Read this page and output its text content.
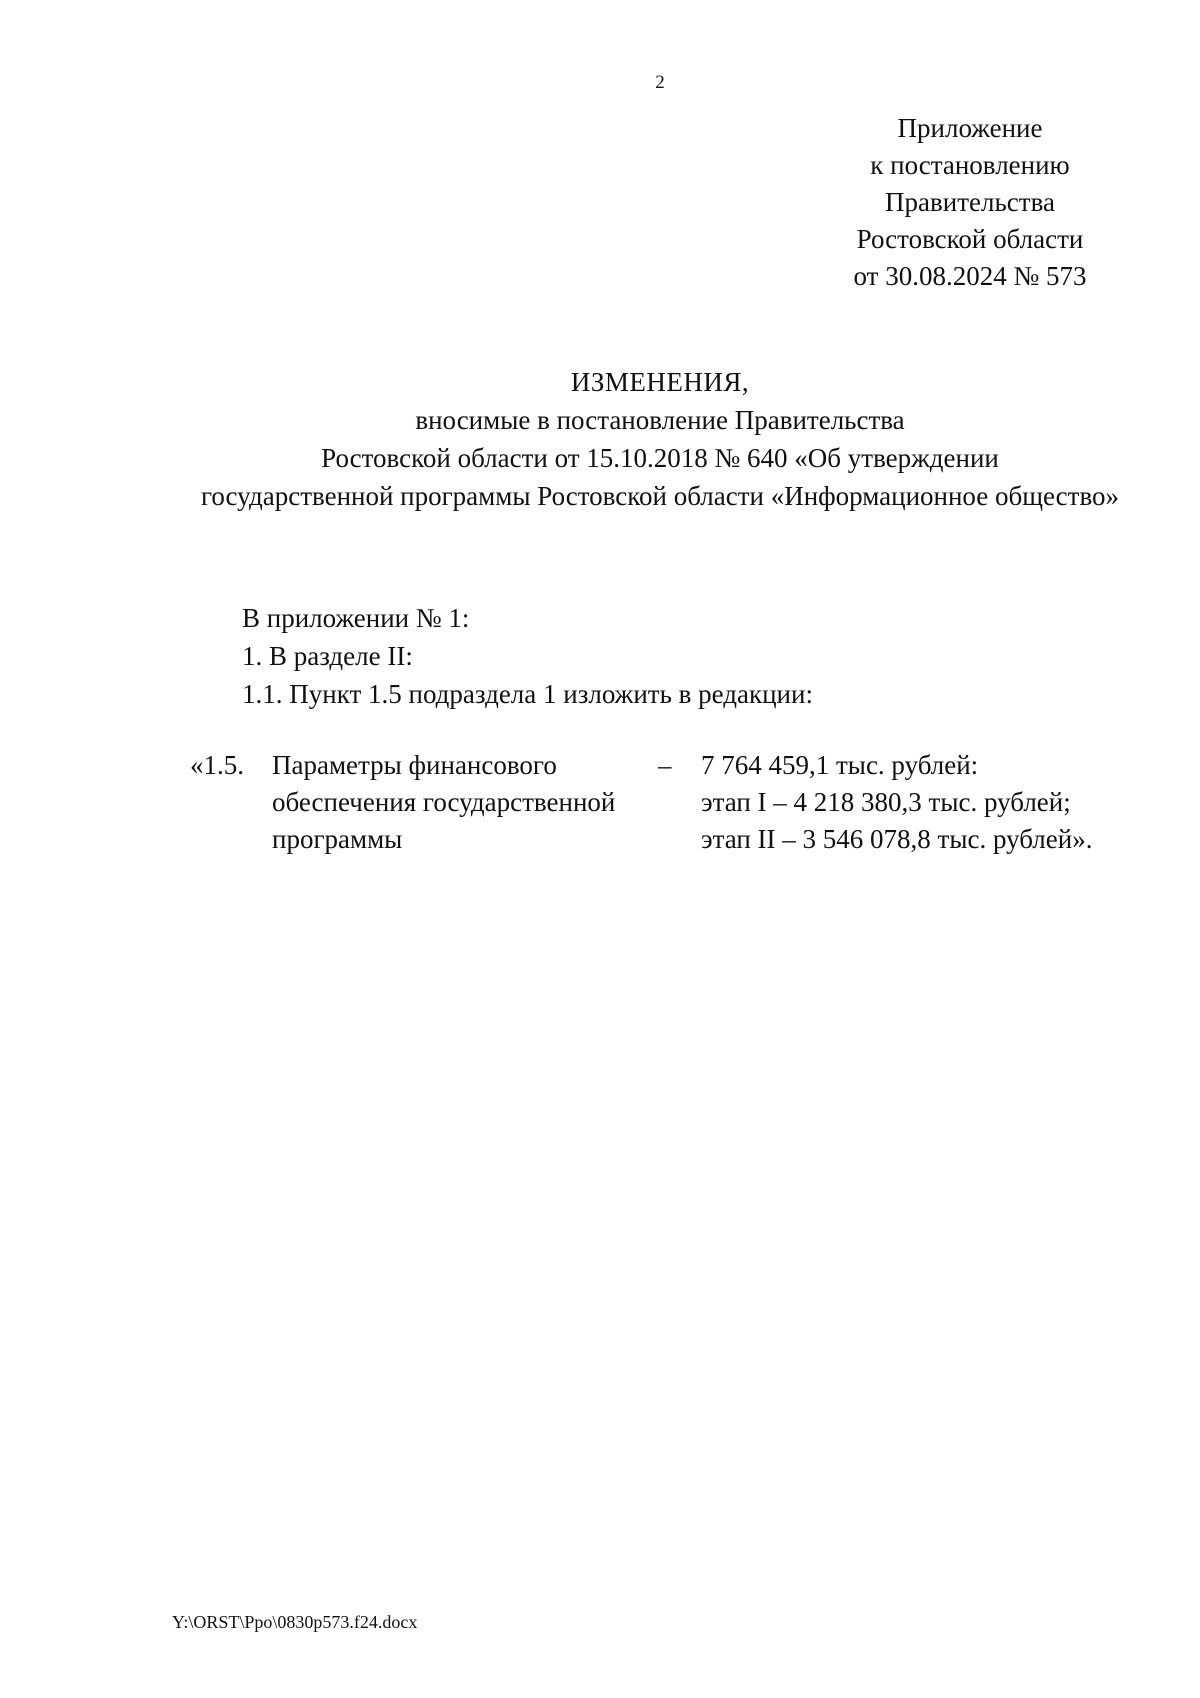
2
Приложение
к постановлению
Правительства
Ростовской области
от 30.08.2024 № 573
ИЗМЕНЕНИЯ,
вносимые в постановление Правительства
Ростовской области от 15.10.2018 № 640 «Об утверждении
государственной программы Ростовской области «Информационное общество»
В приложении № 1:
1. В разделе II:
1.1. Пункт 1.5 подраздела 1 изложить в редакции:
«1.5. Параметры финансового
обеспечения государственной
программы
– 7 764 459,1 тыс. рублей:
этап I – 4 218 380,3 тыс. рублей;
этап II – 3 546 078,8 тыс. рублей».
Y:\ORST\Ppo\0830p573.f24.docx
